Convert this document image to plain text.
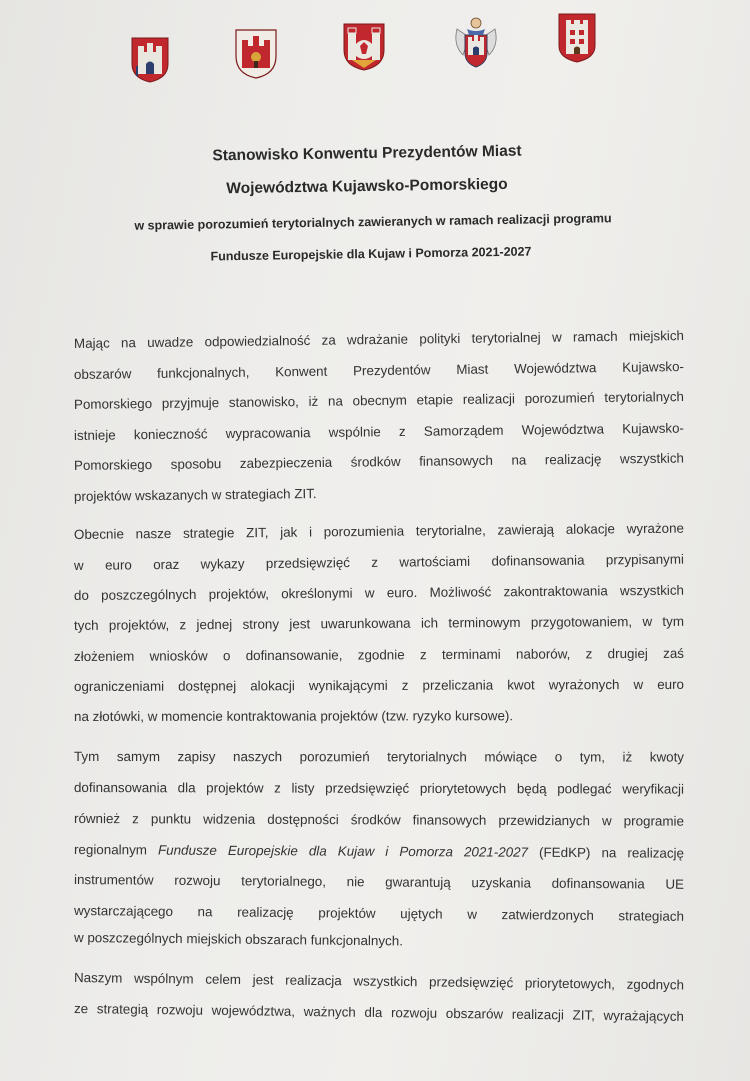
Stanowisko Konwentu Prezydentów Miast
Województwa Kujawsko-Pomorskiego
w sprawie porozumień terytorialnych zawieranych w ramach realizacji programu
Fundusze Europejskie dla Kujaw i Pomorza 2021-2027
Mając na uwadze odpowiedzialność za wdrażanie polityki terytorialnej w ramach miejskich
obszarów funkcjonalnych, Konwent Prezydentów Miast Województwa Kujawsko-
Pomorskiego przyjmuje stanowisko, iż na obecnym etapie realizacji porozumień terytorialnych
istnieje konieczność wypracowania wspólnie z Samorządem Województwa Kujawsko-
Pomorskiego sposobu zabezpieczenia środków finansowych na realizację wszystkich
projektów wskazanych w strategiach ZIT.
Obecnie nasze strategie ZIT, jak i porozumienia terytorialne, zawierają alokacje wyrażone
w euro oraz wykazy przedsięwzięć z wartościami dofinansowania przypisanymi
do poszczególnych projektów, określonymi w euro. Możliwość zakontraktowania wszystkich
tych projektów, z jednej strony jest uwarunkowana ich terminowym przygotowaniem, w tym
złożeniem wniosków o dofinansowanie, zgodnie z terminami naborów, z drugiej zaś
ograniczeniami dostępnej alokacji wynikającymi z przeliczania kwot wyrażonych w euro
na złotówki, w momencie kontraktowania projektów (tzw. ryzyko kursowe).
Tym samym zapisy naszych porozumień terytorialnych mówiące o tym, iż kwoty
dofinansowania dla projektów z listy przedsięwzięć priorytetowych będą podlegać weryfikacji
również z punktu widzenia dostępności środków finansowych przewidzianych w programie
regionalnym Fundusze Europejskie dla Kujaw i Pomorza 2021-2027 (FEdKP) na realizację
instrumentów rozwoju terytorialnego, nie gwarantują uzyskania dofinansowania UE
wystarczającego na realizację projektów ujętych w zatwierdzonych strategiach
w poszczególnych miejskich obszarach funkcjonalnych.
Naszym wspólnym celem jest realizacja wszystkich przedsięwzięć priorytetowych, zgodnych
ze strategią rozwoju województwa, ważnych dla rozwoju obszarów realizacji ZIT, wyrażających
